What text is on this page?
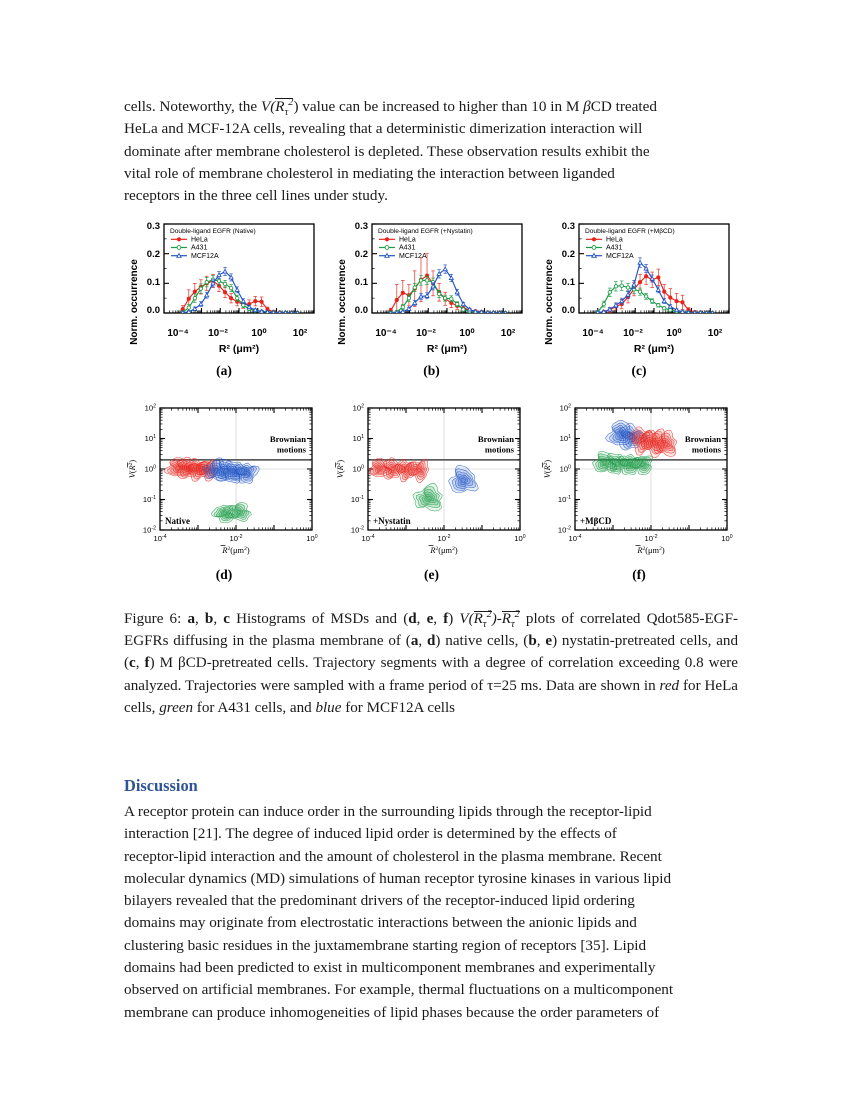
cells. Noteworthy, the $V(R_\tau^2)$ value can be increased to higher than 10 in M βCD treated
HeLa and MCF-12A cells, revealing that a deterministic dimerization interaction will
dominate after membrane cholesterol is depleted. These observation results exhibit the
vital role of membrane cholesterol in mediating the interaction between liganded
receptors in the three cell lines under study.

0.3
0.2
0.1
0.0
Norm. occurrence
Double-ligand EGFR (Native)
HeLa
A431
MCF12A
10⁻⁴ 10⁻² 10⁰	10²
R² (μm²)
(a)
0.3
0.2
0.1
0.0
Norm. occurrence
Double-ligand EGFR (+Nystatin)
HeLa
A431
MCF12A
10⁻⁴ 10⁻² 10⁰	10²
R² (μm²)
(b)
0.3
0.2
0.1
0.0
Norm. occurrence
Double-ligand EGFR (+MβCD)
HeLa
A431
MCF12A
10⁻⁴ 10⁻² 10⁰	10²
R² (μm²)
(c)
$10^{-4}$	$10^{-2}$	$10^0$
$10^2$
$10^1$
$10^0$
$10^{-1}$
$10^{-2}$
$R^2(\mu m^2)$
$V(R^2)$
Brownian
motions
Native
(d)
$10^{-4}$	$10^{-2}$	$10^0$
$10^2$
$10^1$
$10^0$
$10^{-1}$
$10^{-2}$
$R^2(\mu m^2)$
$V(R^2)$
Brownian
motions
+Nystatin
(e)
$10^{-4}$	$10^{-2}$	$10^0$
$10^2$
$10^1$
$10^0$
$10^{-1}$
$10^{-2}$
$R^2(\mu m^2)$
$V(R^2)$
Brownian
motions
+MβCD
(f)
Figure 6: a, b, c Histograms of MSDs and (d, e, f) $V(R_\tau^2)-R_\tau^2$ plots of correlated Qdot585-EGF-EGFRs diffusing in the plasma membrane of (a, d) native cells, (b, e) nystatin-pretreated cells, and (c, f) M βCD-pretreated cells. Trajectory segments with a degree of correlation exceeding 0.8 were analyzed. Trajectories were sampled with a frame period of τ=25 ms. Data are shown in red for HeLa cells, green for A431 cells, and blue for MCF12A cells
Discussion

A receptor protein can induce order in the surrounding lipids through the receptor-lipid
interaction [21]. The degree of induced lipid order is determined by the effects of
receptor-lipid interaction and the amount of cholesterol in the plasma membrane. Recent
molecular dynamics (MD) simulations of human receptor tyrosine kinases in various lipid
bilayers revealed that the predominant drivers of the receptor-induced lipid ordering
domains may originate from electrostatic interactions between the anionic lipids and
clustering basic residues in the juxtamembrane starting region of receptors [35]. Lipid
domains had been predicted to exist in multicomponent membranes and experimentally
observed on artificial membranes. For example, thermal fluctuations on a multicomponent
membrane can produce inhomogeneities of lipid phases because the order parameters of
